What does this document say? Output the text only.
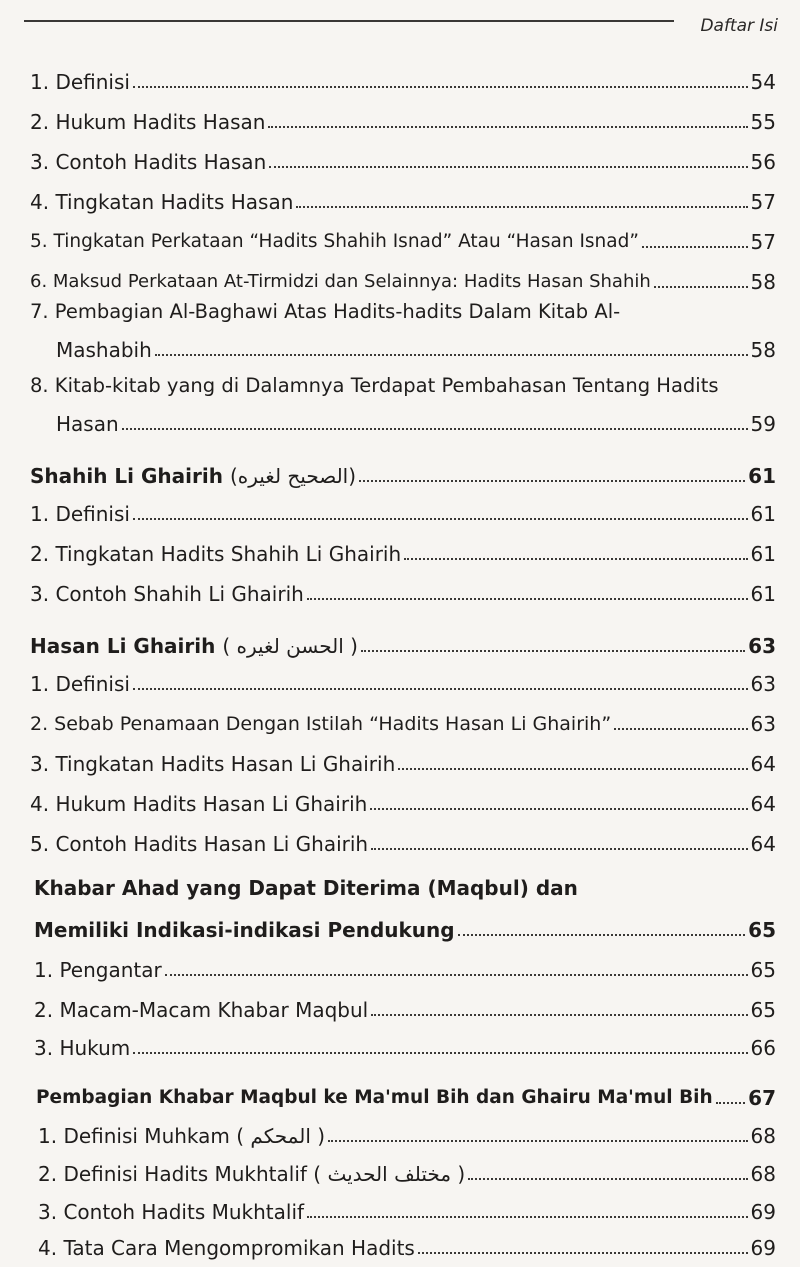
Daftar Isi
1. Definisi	54
2. Hukum Hadits Hasan	55
3. Contoh Hadits Hasan	56
4. Tingkatan Hadits Hasan	57
5. Tingkatan Perkataan “Hadits Shahih Isnad” Atau “Hasan Isnad”	57
6. Maksud Perkataan At-Tirmidzi dan Selainnya: Hadits Hasan Shahih	58
7. Pembagian Al-Baghawi Atas Hadits-hadits Dalam Kitab Al-
Mashabih	58
8. Kitab-kitab yang di Dalamnya Terdapat Pembahasan Tentang Hadits
Hasan	59
Shahih Li Ghairih (الصحيح لغيره)	61
1. Definisi	61
2. Tingkatan Hadits Shahih Li Ghairih	61
3. Contoh Shahih Li Ghairih	61
Hasan Li Ghairih ( الحسن لغيره )	63
1. Definisi	63
2. Sebab Penamaan Dengan Istilah “Hadits Hasan Li Ghairih”	63
3. Tingkatan Hadits Hasan Li Ghairih	64
4. Hukum Hadits Hasan Li Ghairih	64
5. Contoh Hadits Hasan Li Ghairih	64
Khabar Ahad yang Dapat Diterima (Maqbul) dan
Memiliki Indikasi-indikasi Pendukung	65
1. Pengantar	65
2. Macam-Macam Khabar Maqbul	65
3. Hukum	66
Pembagian Khabar Maqbul ke Ma'mul Bih dan Ghairu Ma'mul Bih 67
1. Definisi Muhkam ( المحكم )	68
2. Definisi Hadits Mukhtalif ( مختلف الحديث )	68
3. Contoh Hadits Mukhtalif	69
4. Tata Cara Mengompromikan Hadits	69
